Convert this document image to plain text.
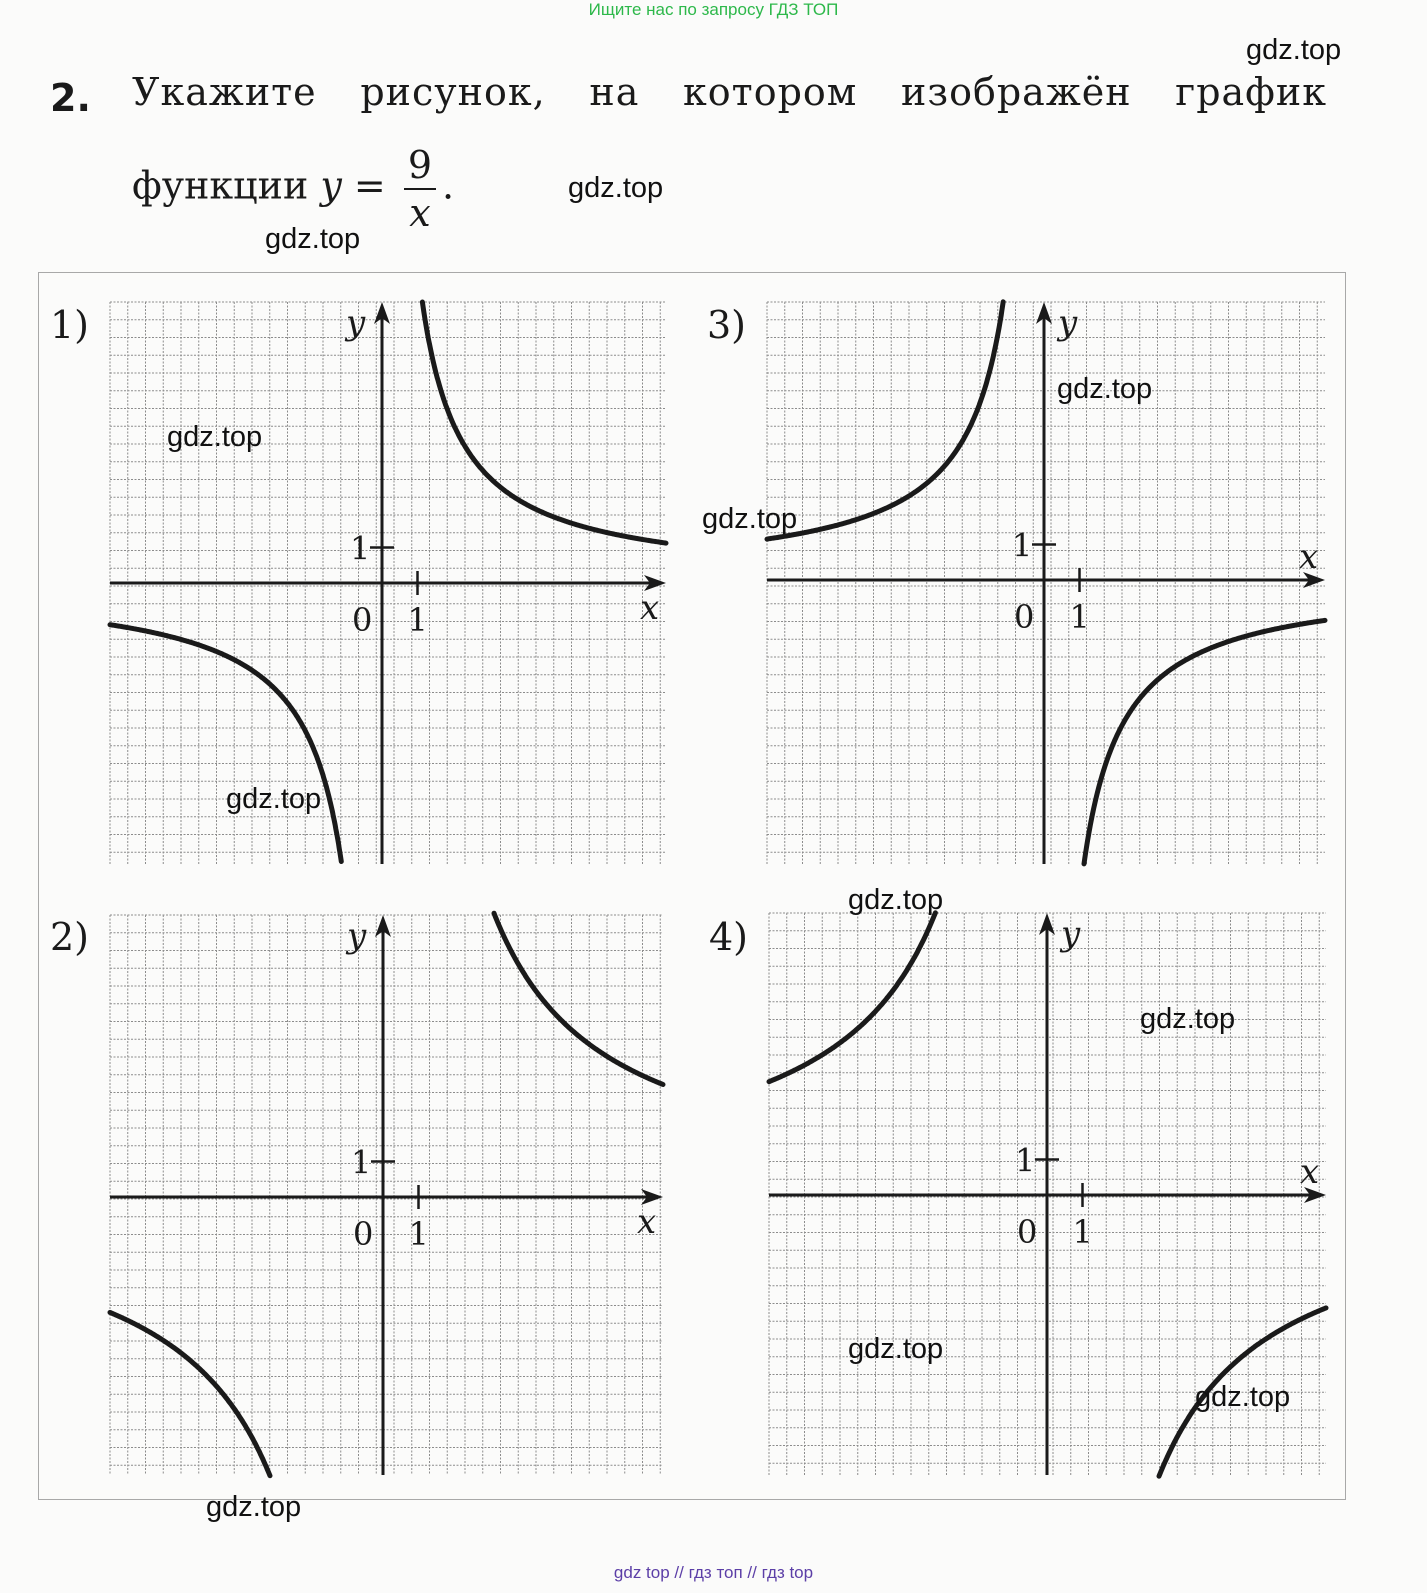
Ищите нас по запросу ГДЗ ТОП
2. Укажите рисунок, на котором изображён график
функции $y = \frac{9}{x}$ .
1)
x
y
0 1
1
2)
x
y
0 1
1
3)
x
y
0 1
1
4)
x
y
0 1
1
gdz.top
gdz.top
gdz.top
gdz.top
gdz.top
gdz.top
gdz.top
gdz.top
gdz.top
gdz.top
gdz.top
gdz.top
gdz top // гдз топ // гдз top
